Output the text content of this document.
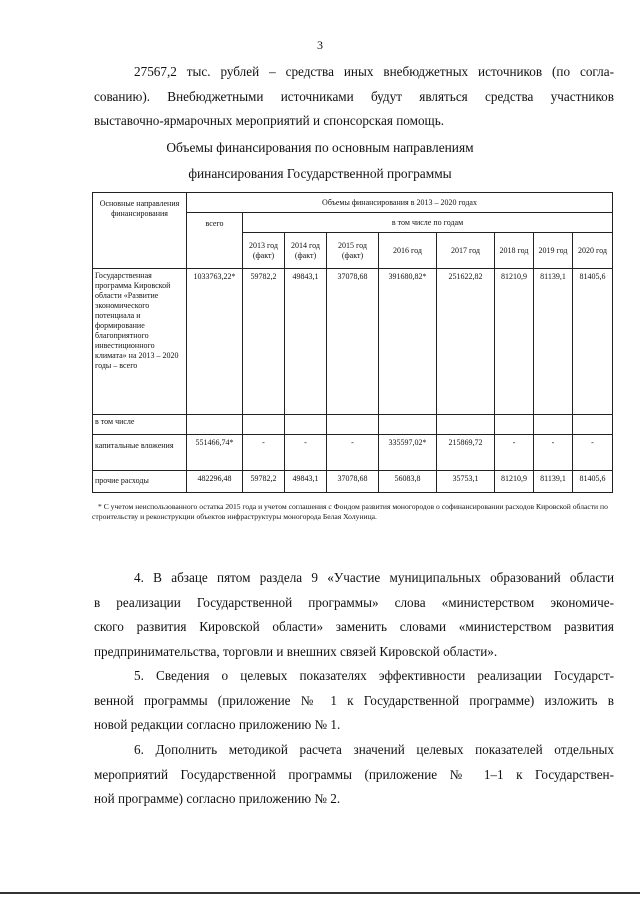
3
27567,2 тыс. рублей – средства иных внебюджетных источников (по согла-
сованию). Внебюджетными источниками будут являться средства участников
выставочно-ярмарочных мероприятий и спонсорская помощь.
Объемы финансирования по основным направлениям
финансирования Государственной программы
Основные направления финансирования	Объемы финансирования в 2013 – 2020 годах								
	всего	в том числе по годам							
		2013 год (факт)	2014 год (факт)	2015 год (факт)	2016 год	2017 год	2018 год	2019 год	2020 год
Государственная программа Кировской области «Развитие экономического потенциала и формирование благоприятного инвестиционного климата» на 2013 – 2020 годы – всего	1033763,22*	59782,2	49843,1	37078,68	391680,82*	251622,82	81210,9	81139,1	81405,6
в том числе									
капитальные вложения	551466,74*	-	-	-	335597,02*	215869,72	-	-	-
прочие расходы	482296,48	59782,2	49843,1	37078,68	56083,8	35753,1	81210,9	81139,1	81405,6
* С учетом неиспользованного остатка 2015 года и учетом соглашения с Фондом развития моногородов о софинансировании расходов Кировской области по строительству и реконструкции объектов инфраструктуры моногорода Белая Холуница.
4. В абзаце пятом раздела 9 «Участие муниципальных образований области
в реализации Государственной программы» слова «министерством экономиче-
ского развития Кировской области» заменить словами «министерством развития
предпринимательства, торговли и внешних связей Кировской области».
5. Сведения о целевых показателях эффективности реализации Государст-
венной программы (приложение № 1 к Государственной программе) изложить в
новой редакции согласно приложению № 1.
6. Дополнить методикой расчета значений целевых показателей отдельных
мероприятий Государственной программы (приложение № 1–1 к Государствен-
ной программе) согласно приложению № 2.
